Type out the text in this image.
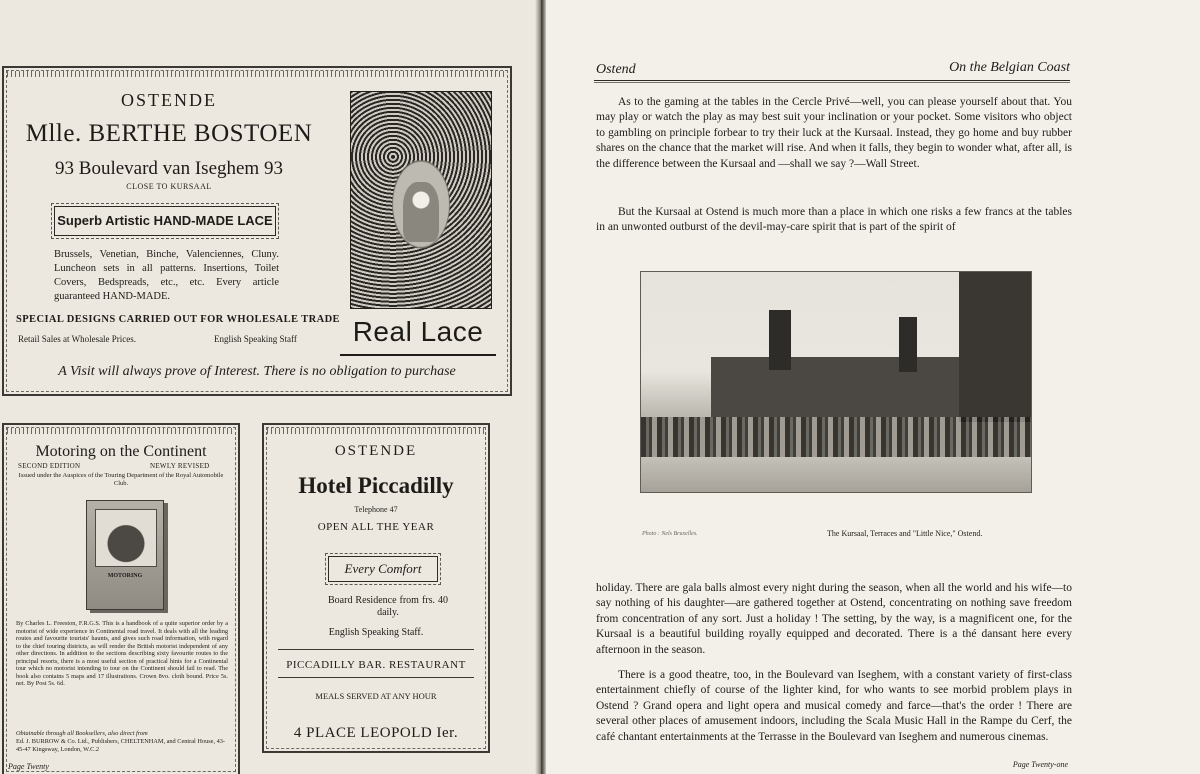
OSTENDE
Mlle. BERTHE BOSTOEN
93 Boulevard van Iseghem 93
CLOSE TO KURSAAL
Superb Artistic HAND-MADE LACE
Brussels, Venetian, Binche, Valenciennes, Cluny. Luncheon sets in all patterns. Insertions, Toilet Covers, Bedspreads, etc., etc. Every article guaranteed HAND-MADE.
SPECIAL DESIGNS CARRIED OUT FOR WHOLESALE TRADE
Retail Sales at Wholesale Prices.	English Speaking Staff	Real Lace
A Visit will always prove of Interest. There is no obligation to purchase
Motoring on the Continent
SECOND EDITION	NEWLY REVISED
Issued under the Auspices of the Touring Department of the Royal Automobile Club.
MOTORING
By Charles L. Freeston, F.R.G.S. This is a handbook of a quite superior order by a motorist of wide experience in Continental road travel. It deals with all the leading routes and favourite tourists' haunts, and gives such road information, with regard to the chief touring districts, as will render the British motorist independent of any other directions. In addition to the sections describing sixty favourite routes to the principal resorts, there is a most useful section of practical hints for a Continental tour which no motorist intending to tour on the Continent should fail to read. The book also contains 5 maps and 17 illustrations. Crown 8vo. cloth bound. Price 5s. net. By Post 5s. 6d.
Obtainable through all Booksellers, also direct from
Ed. J. BURROW & Co. Ltd., Publishers, CHELTENHAM, and Central House, 43-45-47 Kingsway, London, W.C.2
OSTENDE
Hotel Piccadilly
Telephone 47
OPEN ALL THE YEAR
Every Comfort
Board Residence from frs. 40 daily.
English Speaking Staff.
PICCADILLY BAR. RESTAURANT
MEALS SERVED AT ANY HOUR
4 PLACE LEOPOLD Ier.
Page Twenty
Ostend	On the Belgian Coast
As to the gaming at the tables in the Cercle Privé—well, you can please yourself about that. You may play or watch the play as may best suit your inclination or your pocket. Some visitors who object to gambling on principle forbear to try their luck at the Kursaal. Instead, they go home and buy rubber shares on the chance that the market will rise. And when it falls, they begin to wonder what, after all, is the difference between the Kursaal and —shall we say ?—Wall Street.
But the Kursaal at Ostend is much more than a place in which one risks a few francs at the tables in an unwonted outburst of the devil-may-care spirit that is part of the spirit of
Photo : Nels Bruxelles.	The Kursaal, Terraces and "Little Nice," Ostend.
holiday. There are gala balls almost every night during the season, when all the world and his wife—to say nothing of his daughter—are gathered together at Ostend, concentrating on nothing save freedom from concentration of any sort. Just a holiday ! The setting, by the way, is a magnificent one, for the Kursaal is a beautiful building royally equipped and decorated. There is a thé dansant here every afternoon in the season.
There is a good theatre, too, in the Boulevard van Iseghem, with a constant variety of first-class entertainment chiefly of course of the lighter kind, for who wants to see morbid problem plays in Ostend ? Grand opera and light opera and musical comedy and farce—that's the order ! There are several other places of amusement indoors, including the Scala Music Hall in the Rampe du Cerf, the café chantant entertainments at the Terrasse in the Boulevard van Iseghem and numerous cinemas.
Page Twenty-one
